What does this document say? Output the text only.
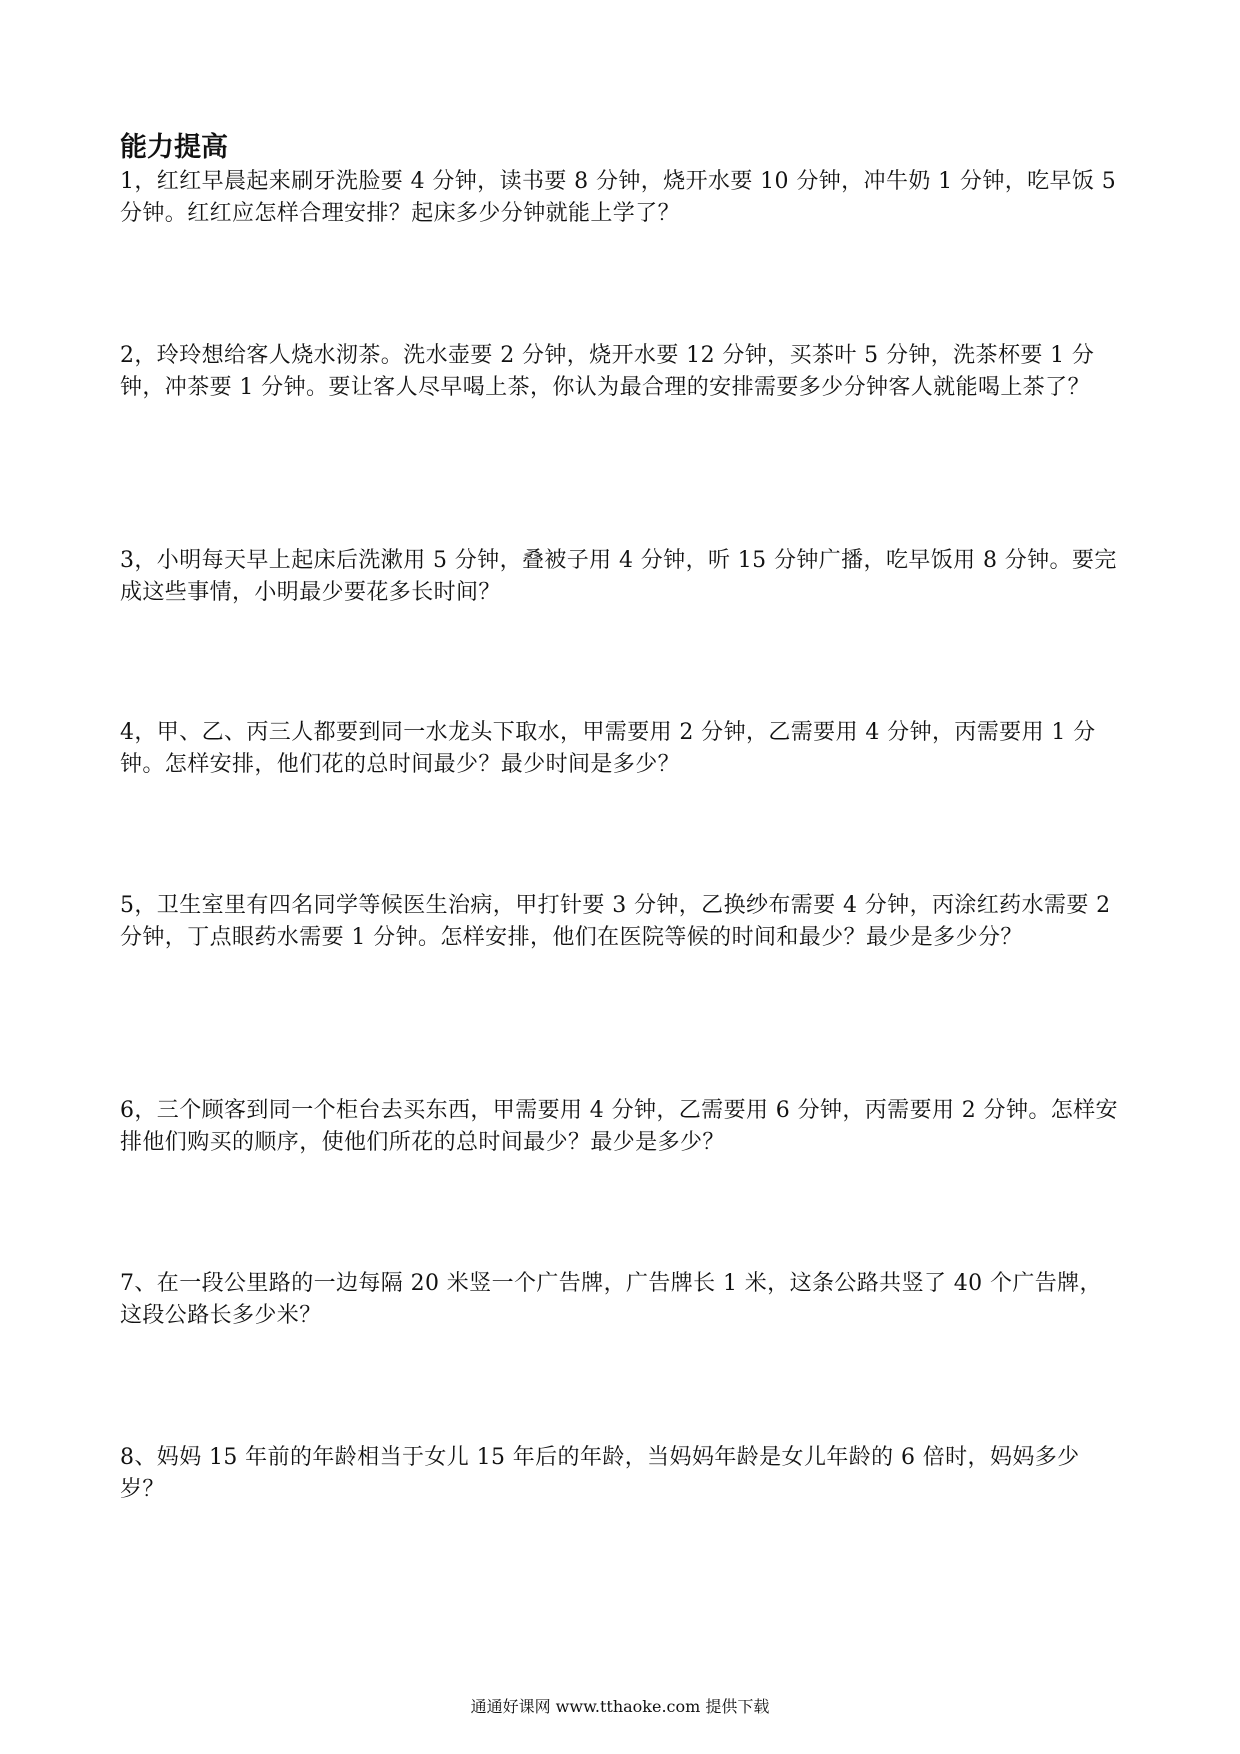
能力提高

1，红红早晨起来刷牙洗脸要 4 分钟，读书要 8 分钟，烧开水要 10 分钟，冲牛奶 1 分钟，吃早饭 5 分钟。红红应怎样合理安排？起床多少分钟就能上学了？

2，玲玲想给客人烧水沏茶。洗水壶要 2 分钟，烧开水要 12 分钟，买茶叶 5 分钟，洗茶杯要 1 分钟，冲茶要 1 分钟。要让客人尽早喝上茶，你认为最合理的安排需要多少分钟客人就能喝上茶了？

3，小明每天早上起床后洗漱用 5 分钟，叠被子用 4 分钟，听 15 分钟广播，吃早饭用 8 分钟。要完成这些事情，小明最少要花多长时间？

4，甲、乙、丙三人都要到同一水龙头下取水，甲需要用 2 分钟，乙需要用 4 分钟，丙需要用 1 分钟。怎样安排，他们花的总时间最少？最少时间是多少？

5，卫生室里有四名同学等候医生治病，甲打针要 3 分钟，乙换纱布需要 4 分钟，丙涂红药水需要 2 分钟，丁点眼药水需要 1 分钟。怎样安排，他们在医院等候的时间和最少？最少是多少分？

6，三个顾客到同一个柜台去买东西，甲需要用 4 分钟，乙需要用 6 分钟，丙需要用 2 分钟。怎样安排他们购买的顺序，使他们所花的总时间最少？最少是多少？

7、在一段公里路的一边每隔 20 米竖一个广告牌，广告牌长 1 米，这条公路共竖了 40 个广告牌，这段公路长多少米？

8、妈妈 15 年前的年龄相当于女儿 15 年后的年龄，当妈妈年龄是女儿年龄的 6 倍时，妈妈多少岁？

通通好课网 www.tthaoke.com 提供下载
